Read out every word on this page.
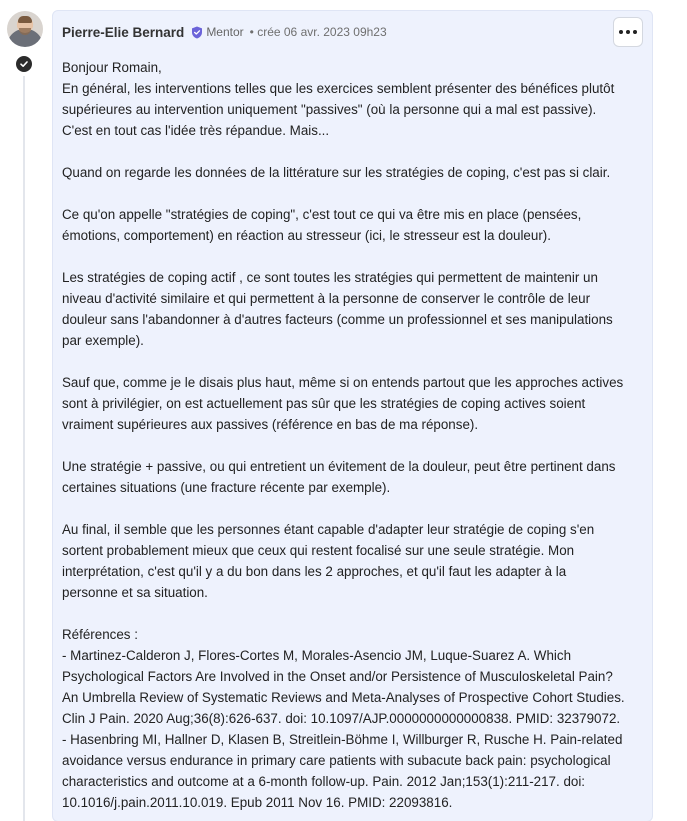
Pierre-Elie Bernard Mentor • crée 06 avr. 2023 09h23

Bonjour Romain,

En général, les interventions telles que les exercices semblent présenter des bénéfices plutôt

supérieures au intervention uniquement "passives" (où la personne qui a mal est passive).

C'est en tout cas l'idée très répandue. Mais...

Quand on regarde les données de la littérature sur les stratégies de coping, c'est pas si clair.

Ce qu'on appelle "stratégies de coping", c'est tout ce qui va être mis en place (pensées,

émotions, comportement) en réaction au stresseur (ici, le stresseur est la douleur).

Les stratégies de coping actif , ce sont toutes les stratégies qui permettent de maintenir un

niveau d'activité similaire et qui permettent à la personne de conserver le contrôle de leur

douleur sans l'abandonner à d'autres facteurs (comme un professionnel et ses manipulations

par exemple).

Sauf que, comme je le disais plus haut, même si on entends partout que les approches actives

sont à privilégier, on est actuellement pas sûr que les stratégies de coping actives soient

vraiment supérieures aux passives (référence en bas de ma réponse).

Une stratégie + passive, ou qui entretient un évitement de la douleur, peut être pertinent dans

certaines situations (une fracture récente par exemple).

Au final, il semble que les personnes étant capable d'adapter leur stratégie de coping s'en

sortent probablement mieux que ceux qui restent focalisé sur une seule stratégie. Mon

interprétation, c'est qu'il y a du bon dans les 2 approches, et qu'il faut les adapter à la

personne et sa situation.

Références :

- Martinez-Calderon J, Flores-Cortes M, Morales-Asencio JM, Luque-Suarez A. Which

Psychological Factors Are Involved in the Onset and/or Persistence of Musculoskeletal Pain?

An Umbrella Review of Systematic Reviews and Meta-Analyses of Prospective Cohort Studies.

Clin J Pain. 2020 Aug;36(8):626-637. doi: 10.1097/AJP.0000000000000838. PMID: 32379072.

- Hasenbring MI, Hallner D, Klasen B, Streitlein-Böhme I, Willburger R, Rusche H. Pain-related

avoidance versus endurance in primary care patients with subacute back pain: psychological

characteristics and outcome at a 6-month follow-up. Pain. 2012 Jan;153(1):211-217. doi:

10.1016/j.pain.2011.10.019. Epub 2011 Nov 16. PMID: 22093816.
